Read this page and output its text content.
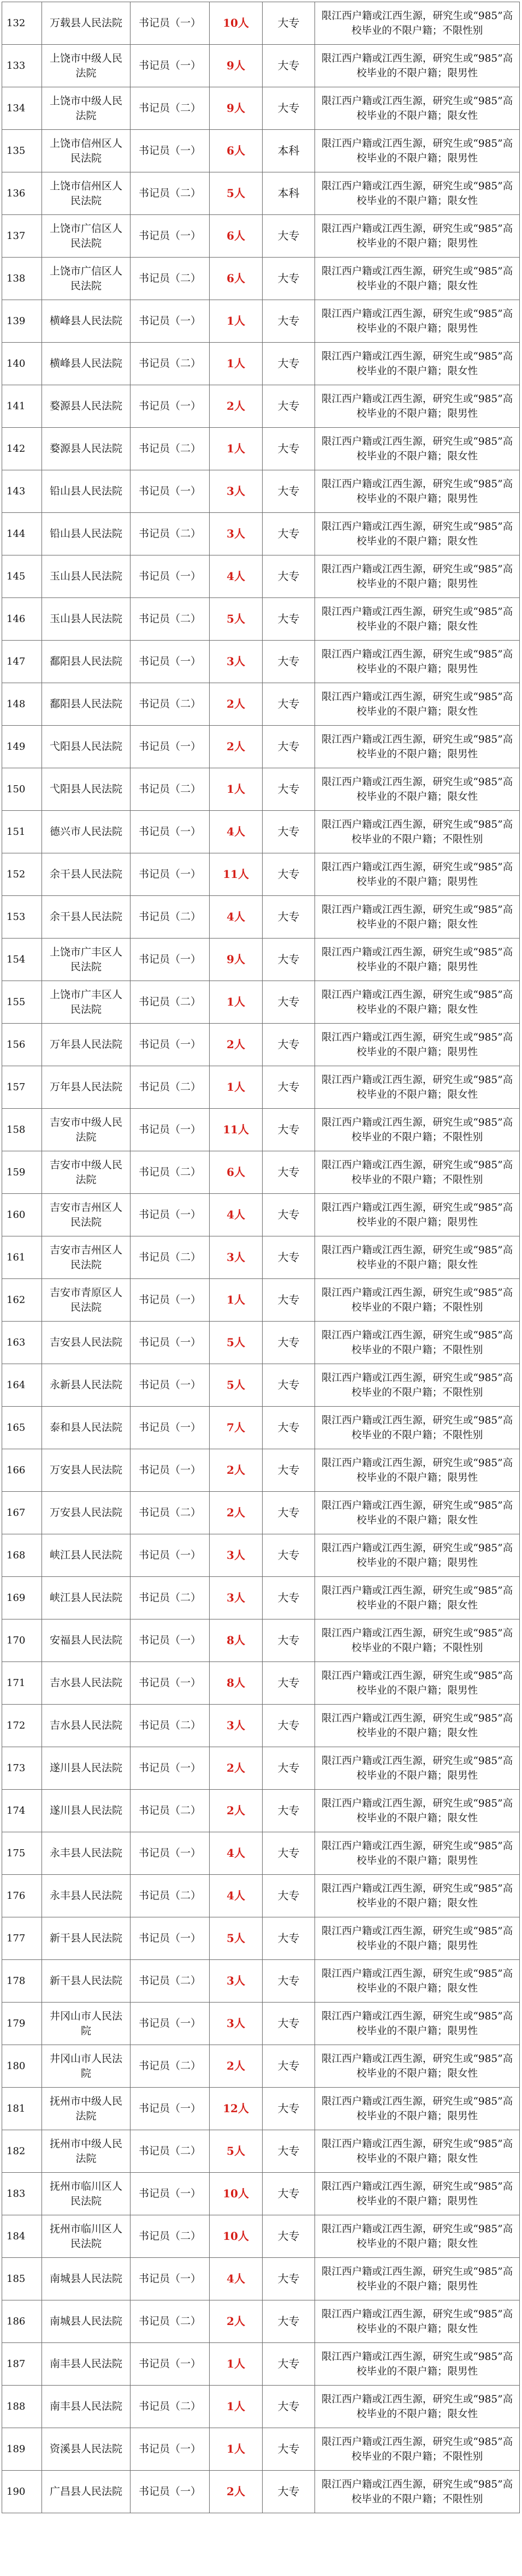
132	万载县人民法院	书记员（一）	10人	大专	限江西户籍或江西生源，研究生或“985”高校毕业的不限户籍；不限性别
133	上饶市中级人民法院	书记员（一）	9人	大专	限江西户籍或江西生源，研究生或“985”高校毕业的不限户籍；限男性
134	上饶市中级人民法院	书记员（二）	9人	大专	限江西户籍或江西生源，研究生或“985”高校毕业的不限户籍；限女性
135	上饶市信州区人民法院	书记员（一）	6人	本科	限江西户籍或江西生源，研究生或“985”高校毕业的不限户籍；限男性
136	上饶市信州区人民法院	书记员（二）	5人	本科	限江西户籍或江西生源，研究生或“985”高校毕业的不限户籍；限女性
137	上饶市广信区人民法院	书记员（一）	6人	大专	限江西户籍或江西生源，研究生或“985”高校毕业的不限户籍；限男性
138	上饶市广信区人民法院	书记员（二）	6人	大专	限江西户籍或江西生源，研究生或“985”高校毕业的不限户籍；限女性
139	横峰县人民法院	书记员（一）	1人	大专	限江西户籍或江西生源，研究生或“985”高校毕业的不限户籍；限男性
140	横峰县人民法院	书记员（二）	1人	大专	限江西户籍或江西生源，研究生或“985”高校毕业的不限户籍；限女性
141	婺源县人民法院	书记员（一）	2人	大专	限江西户籍或江西生源，研究生或“985”高校毕业的不限户籍；限男性
142	婺源县人民法院	书记员（二）	1人	大专	限江西户籍或江西生源，研究生或“985”高校毕业的不限户籍；限女性
143	铅山县人民法院	书记员（一）	3人	大专	限江西户籍或江西生源，研究生或“985”高校毕业的不限户籍；限男性
144	铅山县人民法院	书记员（二）	3人	大专	限江西户籍或江西生源，研究生或“985”高校毕业的不限户籍；限女性
145	玉山县人民法院	书记员（一）	4人	大专	限江西户籍或江西生源，研究生或“985”高校毕业的不限户籍；限男性
146	玉山县人民法院	书记员（二）	5人	大专	限江西户籍或江西生源，研究生或“985”高校毕业的不限户籍；限女性
147	鄱阳县人民法院	书记员（一）	3人	大专	限江西户籍或江西生源，研究生或“985”高校毕业的不限户籍；限男性
148	鄱阳县人民法院	书记员（二）	2人	大专	限江西户籍或江西生源，研究生或“985”高校毕业的不限户籍；限女性
149	弋阳县人民法院	书记员（一）	2人	大专	限江西户籍或江西生源，研究生或“985”高校毕业的不限户籍；限男性
150	弋阳县人民法院	书记员（二）	1人	大专	限江西户籍或江西生源，研究生或“985”高校毕业的不限户籍；限女性
151	德兴市人民法院	书记员（一）	4人	大专	限江西户籍或江西生源，研究生或“985”高校毕业的不限户籍；不限性别
152	余干县人民法院	书记员（一）	11人	大专	限江西户籍或江西生源，研究生或“985”高校毕业的不限户籍；限男性
153	余干县人民法院	书记员（二）	4人	大专	限江西户籍或江西生源，研究生或“985”高校毕业的不限户籍；限女性
154	上饶市广丰区人民法院	书记员（一）	9人	大专	限江西户籍或江西生源，研究生或“985”高校毕业的不限户籍；限男性
155	上饶市广丰区人民法院	书记员（二）	1人	大专	限江西户籍或江西生源，研究生或“985”高校毕业的不限户籍；限女性
156	万年县人民法院	书记员（一）	2人	大专	限江西户籍或江西生源，研究生或“985”高校毕业的不限户籍；限男性
157	万年县人民法院	书记员（二）	1人	大专	限江西户籍或江西生源，研究生或“985”高校毕业的不限户籍；限女性
158	吉安市中级人民法院	书记员（一）	11人	大专	限江西户籍或江西生源，研究生或“985”高校毕业的不限户籍；不限性别
159	吉安市中级人民法院	书记员（二）	6人	大专	限江西户籍或江西生源，研究生或“985”高校毕业的不限户籍；不限性别
160	吉安市吉州区人民法院	书记员（一）	4人	大专	限江西户籍或江西生源，研究生或“985”高校毕业的不限户籍；限男性
161	吉安市吉州区人民法院	书记员（二）	3人	大专	限江西户籍或江西生源，研究生或“985”高校毕业的不限户籍；限女性
162	吉安市青原区人民法院	书记员（一）	1人	大专	限江西户籍或江西生源，研究生或“985”高校毕业的不限户籍；不限性别
163	吉安县人民法院	书记员（一）	5人	大专	限江西户籍或江西生源，研究生或“985”高校毕业的不限户籍；不限性别
164	永新县人民法院	书记员（一）	5人	大专	限江西户籍或江西生源，研究生或“985”高校毕业的不限户籍；不限性别
165	泰和县人民法院	书记员（一）	7人	大专	限江西户籍或江西生源，研究生或“985”高校毕业的不限户籍；不限性别
166	万安县人民法院	书记员（一）	2人	大专	限江西户籍或江西生源，研究生或“985”高校毕业的不限户籍；限男性
167	万安县人民法院	书记员（二）	2人	大专	限江西户籍或江西生源，研究生或“985”高校毕业的不限户籍；限女性
168	峡江县人民法院	书记员（一）	3人	大专	限江西户籍或江西生源，研究生或“985”高校毕业的不限户籍；限男性
169	峡江县人民法院	书记员（二）	3人	大专	限江西户籍或江西生源，研究生或“985”高校毕业的不限户籍；限女性
170	安福县人民法院	书记员（一）	8人	大专	限江西户籍或江西生源，研究生或“985”高校毕业的不限户籍；不限性别
171	吉水县人民法院	书记员（一）	8人	大专	限江西户籍或江西生源，研究生或“985”高校毕业的不限户籍；限男性
172	吉水县人民法院	书记员（二）	3人	大专	限江西户籍或江西生源，研究生或“985”高校毕业的不限户籍；限女性
173	遂川县人民法院	书记员（一）	2人	大专	限江西户籍或江西生源，研究生或“985”高校毕业的不限户籍；限男性
174	遂川县人民法院	书记员（二）	2人	大专	限江西户籍或江西生源，研究生或“985”高校毕业的不限户籍；限女性
175	永丰县人民法院	书记员（一）	4人	大专	限江西户籍或江西生源，研究生或“985”高校毕业的不限户籍；限男性
176	永丰县人民法院	书记员（二）	4人	大专	限江西户籍或江西生源，研究生或“985”高校毕业的不限户籍；限女性
177	新干县人民法院	书记员（一）	5人	大专	限江西户籍或江西生源，研究生或“985”高校毕业的不限户籍；限男性
178	新干县人民法院	书记员（二）	3人	大专	限江西户籍或江西生源，研究生或“985”高校毕业的不限户籍；限女性
179	井冈山市人民法院	书记员（一）	3人	大专	限江西户籍或江西生源，研究生或“985”高校毕业的不限户籍；限男性
180	井冈山市人民法院	书记员（二）	2人	大专	限江西户籍或江西生源，研究生或“985”高校毕业的不限户籍；限女性
181	抚州市中级人民法院	书记员（一）	12人	大专	限江西户籍或江西生源，研究生或“985”高校毕业的不限户籍；限男性
182	抚州市中级人民法院	书记员（二）	5人	大专	限江西户籍或江西生源，研究生或“985”高校毕业的不限户籍；限女性
183	抚州市临川区人民法院	书记员（一）	10人	大专	限江西户籍或江西生源，研究生或“985”高校毕业的不限户籍；限男性
184	抚州市临川区人民法院	书记员（二）	10人	大专	限江西户籍或江西生源，研究生或“985”高校毕业的不限户籍；限女性
185	南城县人民法院	书记员（一）	4人	大专	限江西户籍或江西生源，研究生或“985”高校毕业的不限户籍；限男性
186	南城县人民法院	书记员（二）	2人	大专	限江西户籍或江西生源，研究生或“985”高校毕业的不限户籍；限女性
187	南丰县人民法院	书记员（一）	1人	大专	限江西户籍或江西生源，研究生或“985”高校毕业的不限户籍；限男性
188	南丰县人民法院	书记员（二）	1人	大专	限江西户籍或江西生源，研究生或“985”高校毕业的不限户籍；限女性
189	资溪县人民法院	书记员（一）	1人	大专	限江西户籍或江西生源，研究生或“985”高校毕业的不限户籍；不限性别
190	广昌县人民法院	书记员（一）	2人	大专	限江西户籍或江西生源，研究生或“985”高校毕业的不限户籍；不限性别
